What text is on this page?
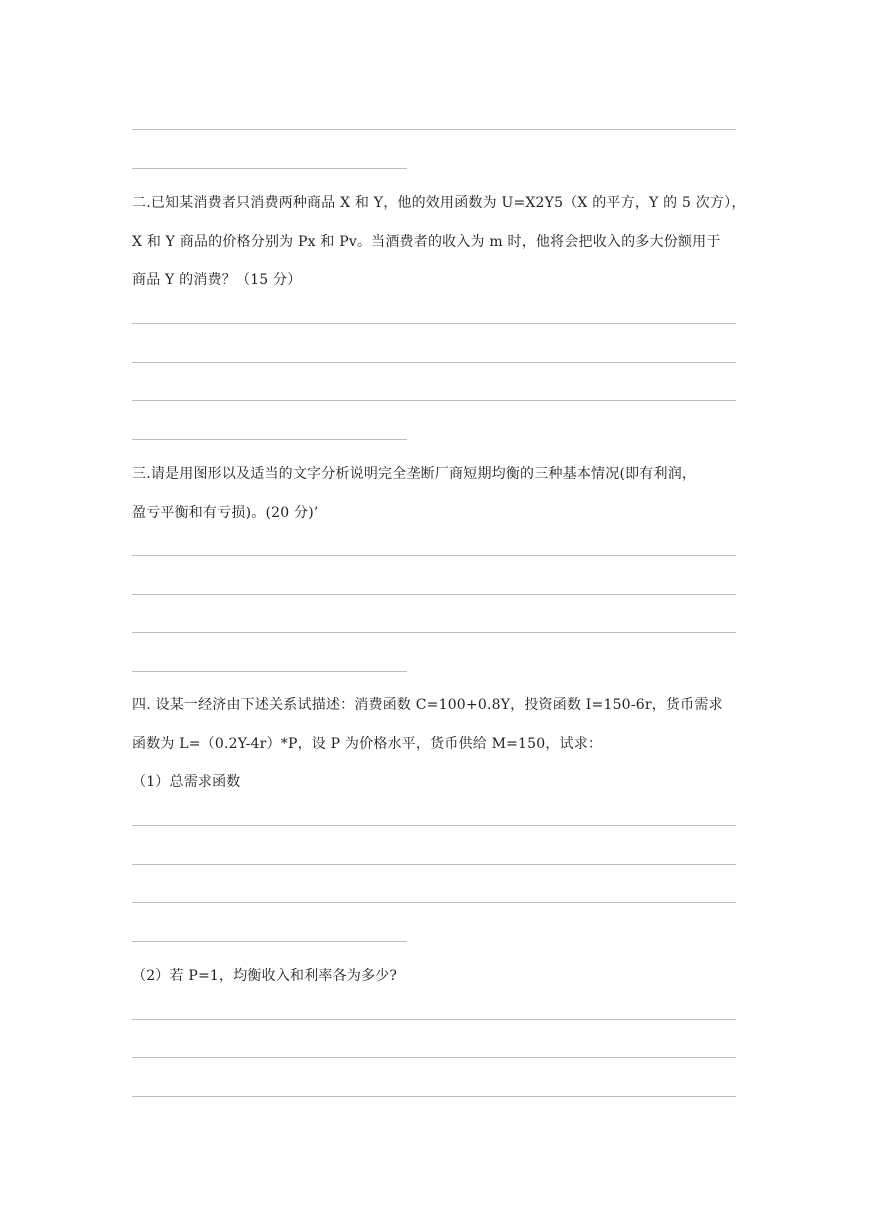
二.已知某消费者只消费两种商品 X 和 Y，他的效用函数为 U=X2Y5（X 的平方，Y 的 5 次方），
X 和 Y 商品的价格分别为 Px 和 Pv。当酒费者的收入为 m 时，他将会把收入的多大份额用于
商品 Y 的消费？（15 分）
三.请是用图形以及适当的文字分析说明完全垄断厂商短期均衡的三种基本情况(即有利润，
盈亏平衡和有亏损)。(20 分)’
四. 设某一经济由下述关系试描述：消费函数 C=100+0.8Y，投资函数 I=150-6r，货币需求
函数为 L=（0.2Y-4r）*P，设 P 为价格水平，货币供给 M=150，试求：
（1）总需求函数
（2）若 P=1，均衡收入和利率各为多少?
